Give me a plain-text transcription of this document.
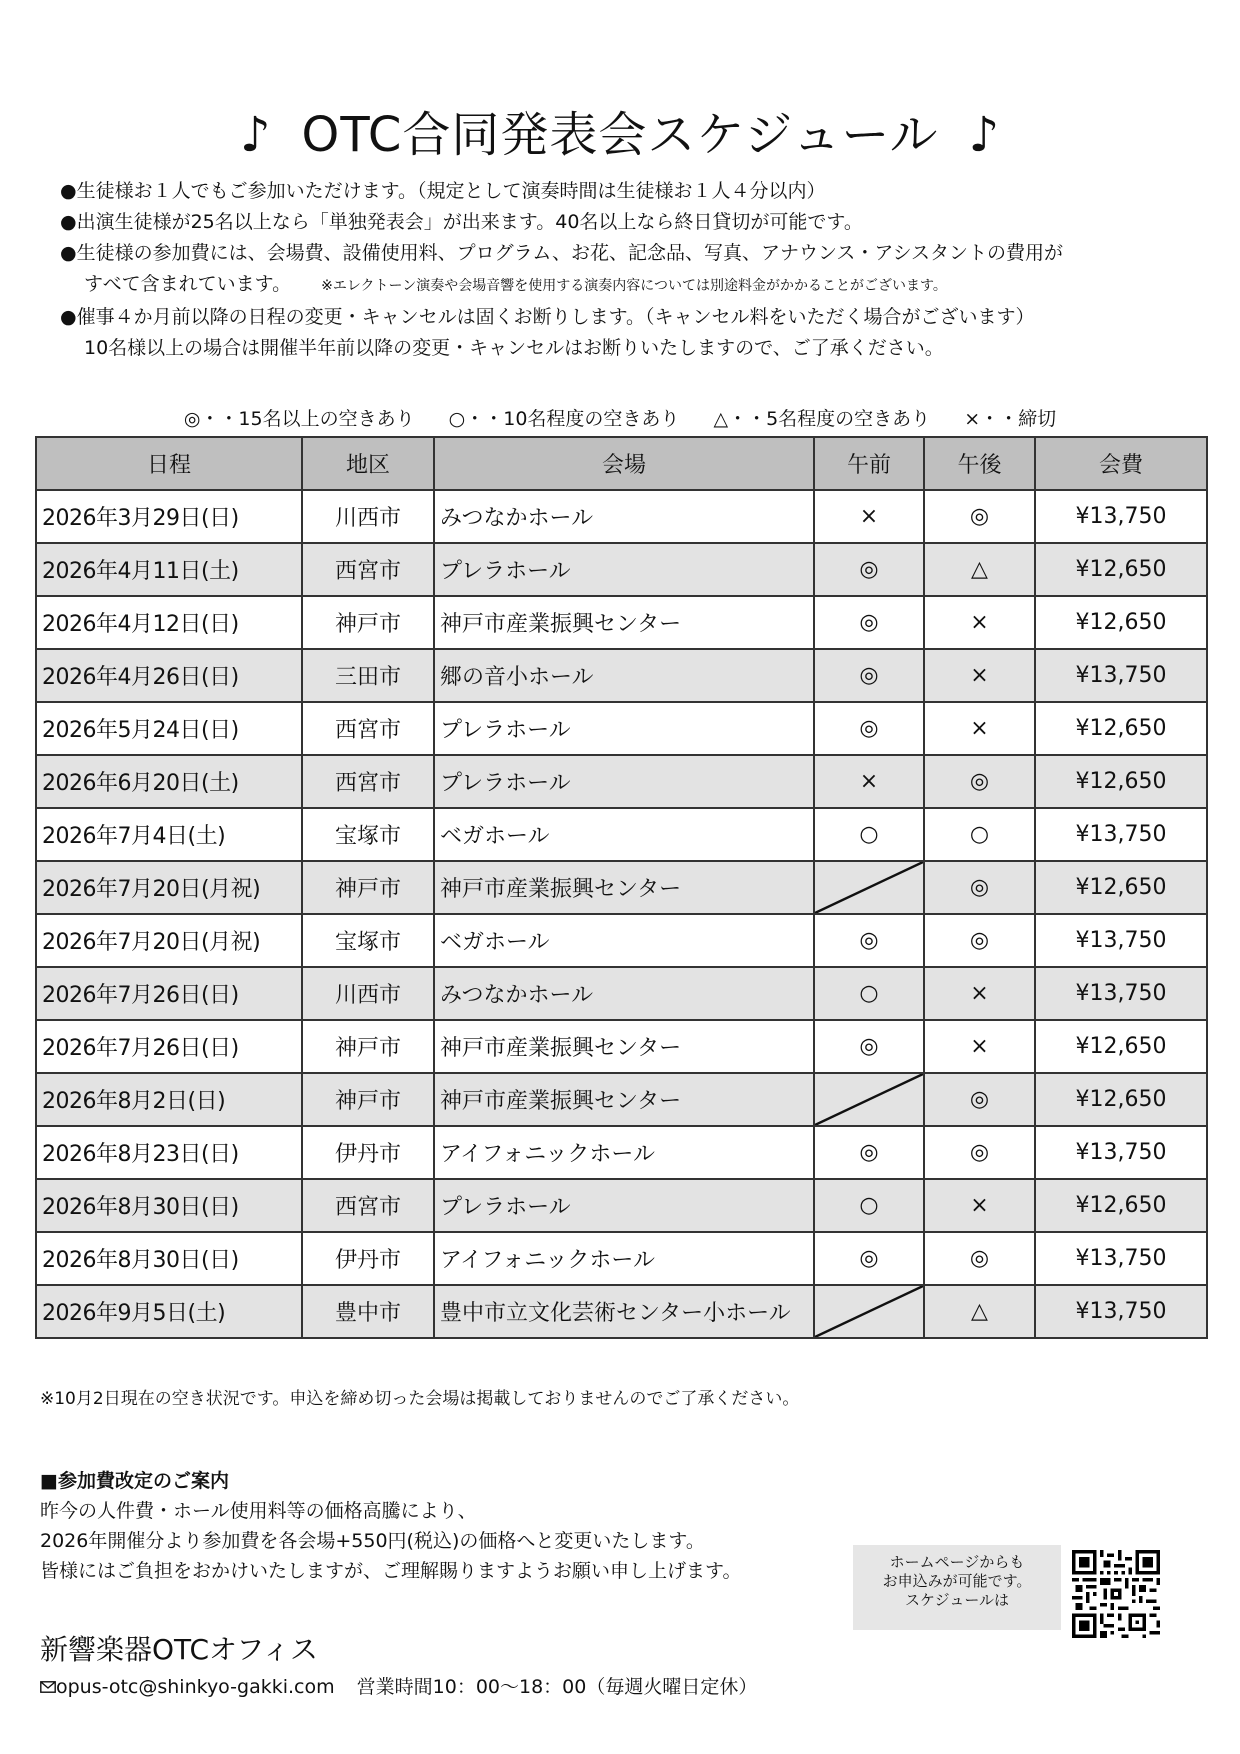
♪ OTC合同発表会スケジュール ♪
●生徒様お１人でもご参加いただけます。（規定として演奏時間は生徒様お１人４分以内）
●出演生徒様が25名以上なら「単独発表会」が出来ます。40名以上なら終日貸切が可能です。
●生徒様の参加費には、会場費、設備使用料、プログラム、お花、記念品、写真、アナウンス・アシスタントの費用が
すべて含まれています。 ※エレクトーン演奏や会場音響を使用する演奏内容については別途料金がかかることがございます。
●催事４か月前以降の日程の変更・キャンセルは固くお断りします。（キャンセル料をいただく場合がございます）
10名様以上の場合は開催半年前以降の変更・キャンセルはお断りいたしますので、ご了承ください。
◎・・15名以上の空きあり ○・・10名程度の空きあり △・・5名程度の空きあり ×・・締切
日程	地区	会場	午前	午後	会費
2026年3月29日(日)	川西市	みつなかホール	×	◎	¥13,750
2026年4月11日(土)	西宮市	プレラホール	◎	△	¥12,650
2026年4月12日(日)	神戸市	神戸市産業振興センター	◎	×	¥12,650
2026年4月26日(日)	三田市	郷の音小ホール	◎	×	¥13,750
2026年5月24日(日)	西宮市	プレラホール	◎	×	¥12,650
2026年6月20日(土)	西宮市	プレラホール	×	◎	¥12,650
2026年7月4日(土)	宝塚市	ベガホール	○	○	¥13,750
2026年7月20日(月祝)	神戸市	神戸市産業振興センター		◎	¥12,650
2026年7月20日(月祝)	宝塚市	ベガホール	◎	◎	¥13,750
2026年7月26日(日)	川西市	みつなかホール	○	×	¥13,750
2026年7月26日(日)	神戸市	神戸市産業振興センター	◎	×	¥12,650
2026年8月2日(日)	神戸市	神戸市産業振興センター		◎	¥12,650
2026年8月23日(日)	伊丹市	アイフォニックホール	◎	◎	¥13,750
2026年8月30日(日)	西宮市	プレラホール	○	×	¥12,650
2026年8月30日(日)	伊丹市	アイフォニックホール	◎	◎	¥13,750
2026年9月5日(土)	豊中市	豊中市立文化芸術センター小ホール		△	¥13,750
※10月2日現在の空き状況です。申込を締め切った会場は掲載しておりませんのでご了承ください。
■参加費改定のご案内
昨今の人件費・ホール使用料等の価格高騰により、
2026年開催分より参加費を各会場+550円(税込)の価格へと変更いたします。
皆様にはご負担をおかけいたしますが、ご理解賜りますようお願い申し上げます。	ホームページからも
お申込みが可能です。
スケジュールは
新響楽器OTCオフィス
opus-otc@shinkyo-gakki.com 営業時間10：00～18：00（毎週火曜日定休）
